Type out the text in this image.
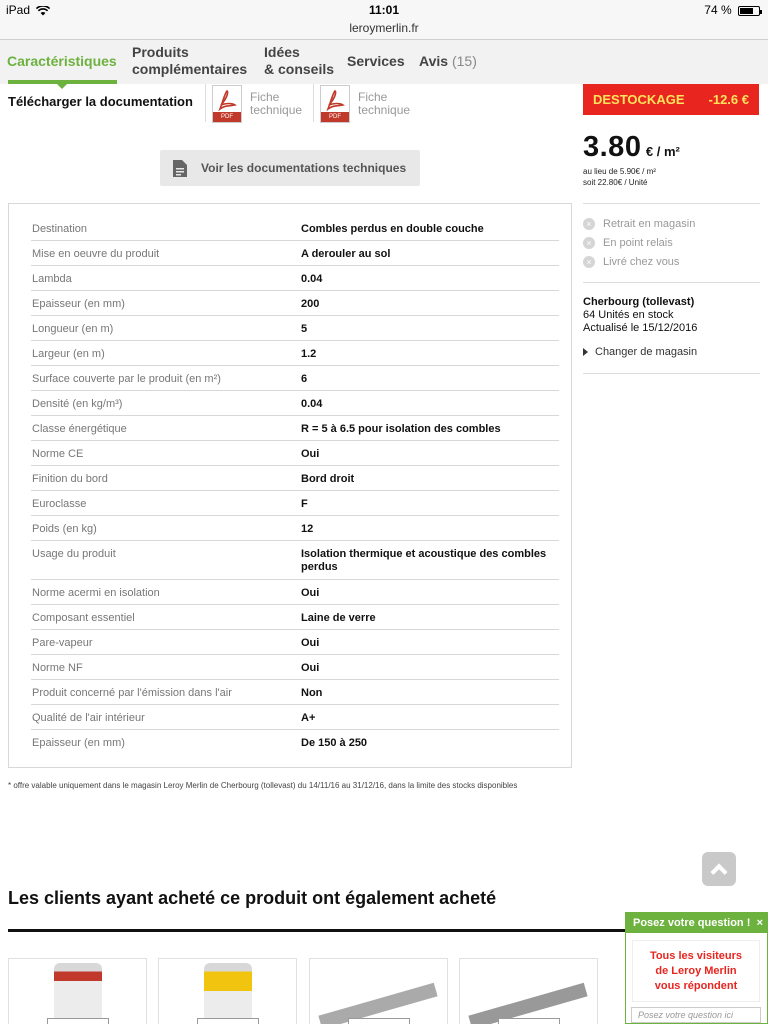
iPad	11:01	74 %
leroymerlin.fr
Caractéristiques
Produits
complémentaires
Idées
& conseils Services Avis (15)
Télécharger la documentation
PDF
Fiche
technique	PDF
Fiche
technique
Voir les documentations techniques
DESTOCKAGE -12.6 €
3.80 € / m²
au lieu de 5.90€ / m²
soit 22.80€ / Unité
×	Retrait en magasin
×	En point relais
×	Livré chez vous
Cherbourg (tollevast)
64 Unités en stock
Actualisé le 15/12/2016
Changer de magasin
Destination	Combles perdus en double couche
Mise en oeuvre du produit	A derouler au sol
Lambda	0.04
Epaisseur (en mm)	200
Longueur (en m)	5
Largeur (en m)	1.2
Surface couverte par le produit (en m²)	6
Densité (en kg/m³)	0.04
Classe énergétique	R = 5 à 6.5 pour isolation des combles
Norme CE	Oui
Finition du bord	Bord droit
Euroclasse	F
Poids (en kg)	12
Usage du produit	Isolation thermique et acoustique des combles perdus
Norme acermi en isolation	Oui
Composant essentiel	Laine de verre
Pare-vapeur	Oui
Norme NF	Oui
Produit concerné par l'émission dans l'air	Non
Qualité de l'air intérieur	A+
Epaisseur (en mm)	De 150 à 250
* offre valable uniquement dans le magasin Leroy Merlin de Cherbourg (tollevast) du 14/11/16 au 31/12/16, dans la limite des stocks disponibles
Les clients ayant acheté ce produit ont également acheté
Posez votre question ! ×
Tous les visiteurs
de Leroy Merlin
vous répondent
Posez votre question ici
